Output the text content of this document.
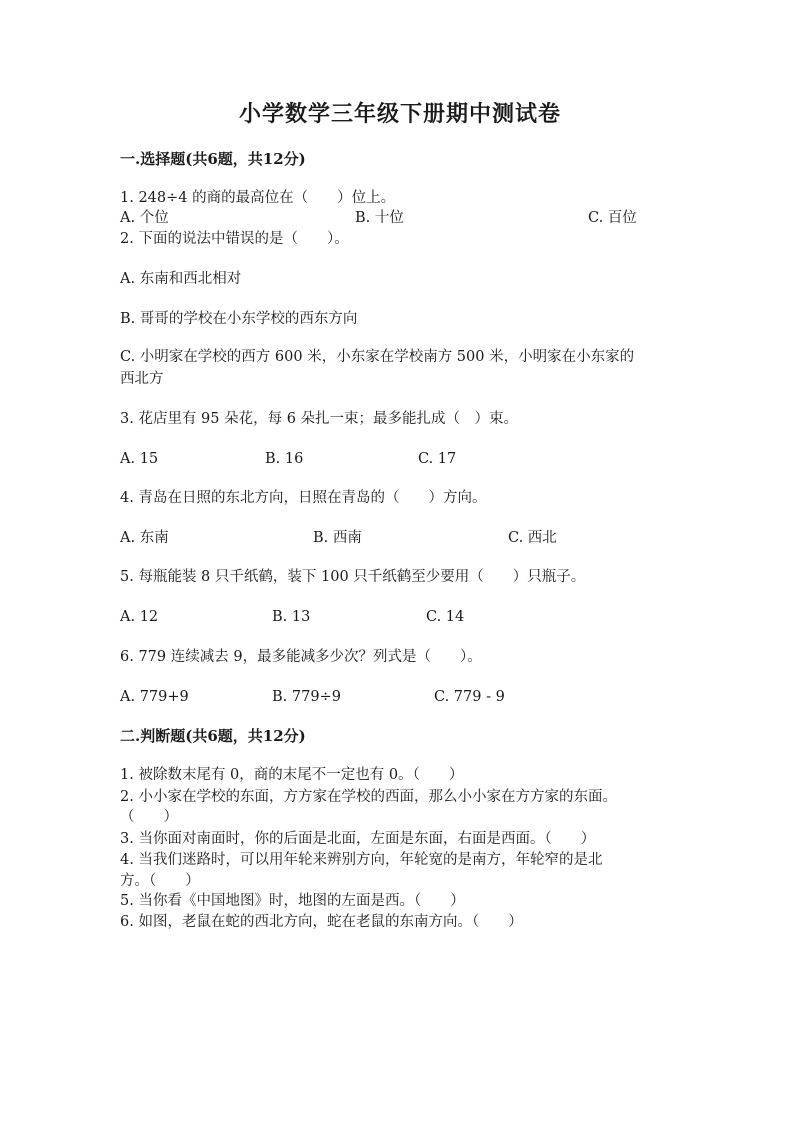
小学数学三年级下册期中测试卷
一.选择题(共6题，共12分)
1. 248÷4 的商的最高位在（　　）位上。
A. 个位	B. 十位	C. 百位
2. 下面的说法中错误的是（　　）。
A. 东南和西北相对
B. 哥哥的学校在小东学校的西东方向
C. 小明家在学校的西方 600 米，小东家在学校南方 500 米，小明家在小东家的
西北方
3. 花店里有 95 朵花，每 6 朵扎一束；最多能扎成（　）束。
A. 15	B. 16	C. 17
4. 青岛在日照的东北方向，日照在青岛的（　　）方向。
A. 东南	B. 西南	C. 西北
5. 每瓶能装 8 只千纸鹤，装下 100 只千纸鹤至少要用（　　）只瓶子。
A. 12	B. 13	C. 14
6. 779 连续减去 9，最多能减多少次？列式是（　　）。
A. 779+9	B. 779÷9	C. 779 - 9
二.判断题(共6题，共12分)
1. 被除数末尾有 0，商的末尾不一定也有 0。（　　）
2. 小小家在学校的东面，方方家在学校的西面，那么小小家在方方家的东面。
（　　）
3. 当你面对南面时，你的后面是北面，左面是东面，右面是西面。（　　）
4. 当我们迷路时，可以用年轮来辨别方向，年轮宽的是南方，年轮窄的是北
方。（　　）
5. 当你看《中国地图》时，地图的左面是西。（　　）
6. 如图，老鼠在蛇的西北方向，蛇在老鼠的东南方向。（　　）
